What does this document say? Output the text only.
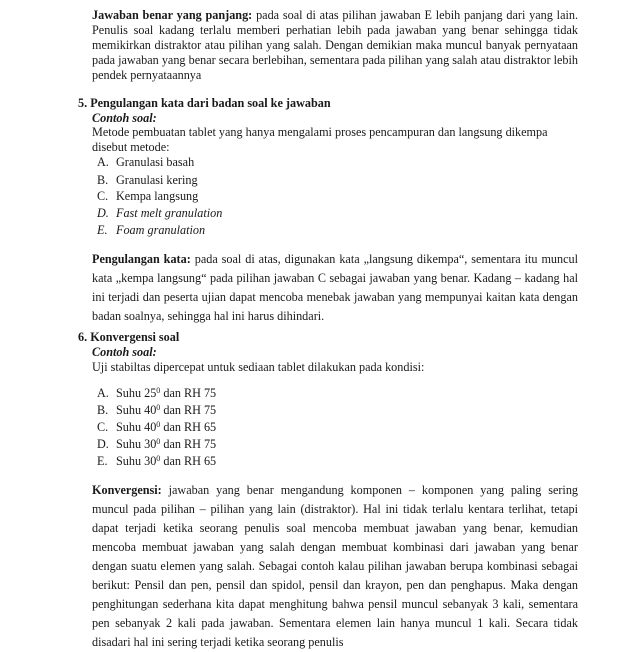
Jawaban benar yang panjang: pada soal di atas pilihan jawaban E lebih panjang dari yang lain. Penulis soal kadang terlalu memberi perhatian lebih pada jawaban yang benar sehingga tidak memikirkan distraktor atau pilihan yang salah. Dengan demikian maka muncul banyak pernyataan pada jawaban yang benar secara berlebihan, sementara pada pilihan yang salah atau distraktor lebih pendek pernyataannya
5. Pengulangan kata dari badan soal ke jawaban
Contoh soal:
Metode pembuatan tablet yang hanya mengalami proses pencampuran dan langsung dikempa disebut metode:
A. Granulasi basah
B. Granulasi kering
C. Kempa langsung
D. Fast melt granulation
E. Foam granulation
Pengulangan kata: pada soal di atas, digunakan kata „langsung dikempa“, sementara itu muncul kata „kempa langsung“ pada pilihan jawaban C sebagai jawaban yang benar. Kadang – kadang hal ini terjadi dan peserta ujian dapat mencoba menebak jawaban yang mempunyai kaitan kata dengan badan soalnya, sehingga hal ini harus dihindari.
6. Konvergensi soal
Contoh soal:
Uji stabiltas dipercepat untuk sediaan tablet dilakukan pada kondisi:
A. Suhu $25^0$ dan RH 75
B. Suhu $40^0$ dan RH 75
C. Suhu $40^0$ dan RH 65
D. Suhu $30^0$ dan RH 75
E. Suhu $30^0$ dan RH 65
Konvergensi: jawaban yang benar mengandung komponen – komponen yang paling sering muncul pada pilihan – pilihan yang lain (distraktor). Hal ini tidak terlalu kentara terlihat, tetapi dapat terjadi ketika seorang penulis soal mencoba membuat jawaban yang benar, kemudian mencoba membuat jawaban yang salah dengan membuat kombinasi dari jawaban yang benar dengan suatu elemen yang salah. Sebagai contoh kalau pilihan jawaban berupa kombinasi sebagai berikut: Pensil dan pen, pensil dan spidol, pensil dan krayon, pen dan penghapus. Maka dengan penghitungan sederhana kita dapat menghitung bahwa pensil muncul sebanyak 3 kali, sementara pen sebanyak 2 kali pada jawaban. Sementara elemen lain hanya muncul 1 kali. Secara tidak disadari hal ini sering terjadi ketika seorang penulis
